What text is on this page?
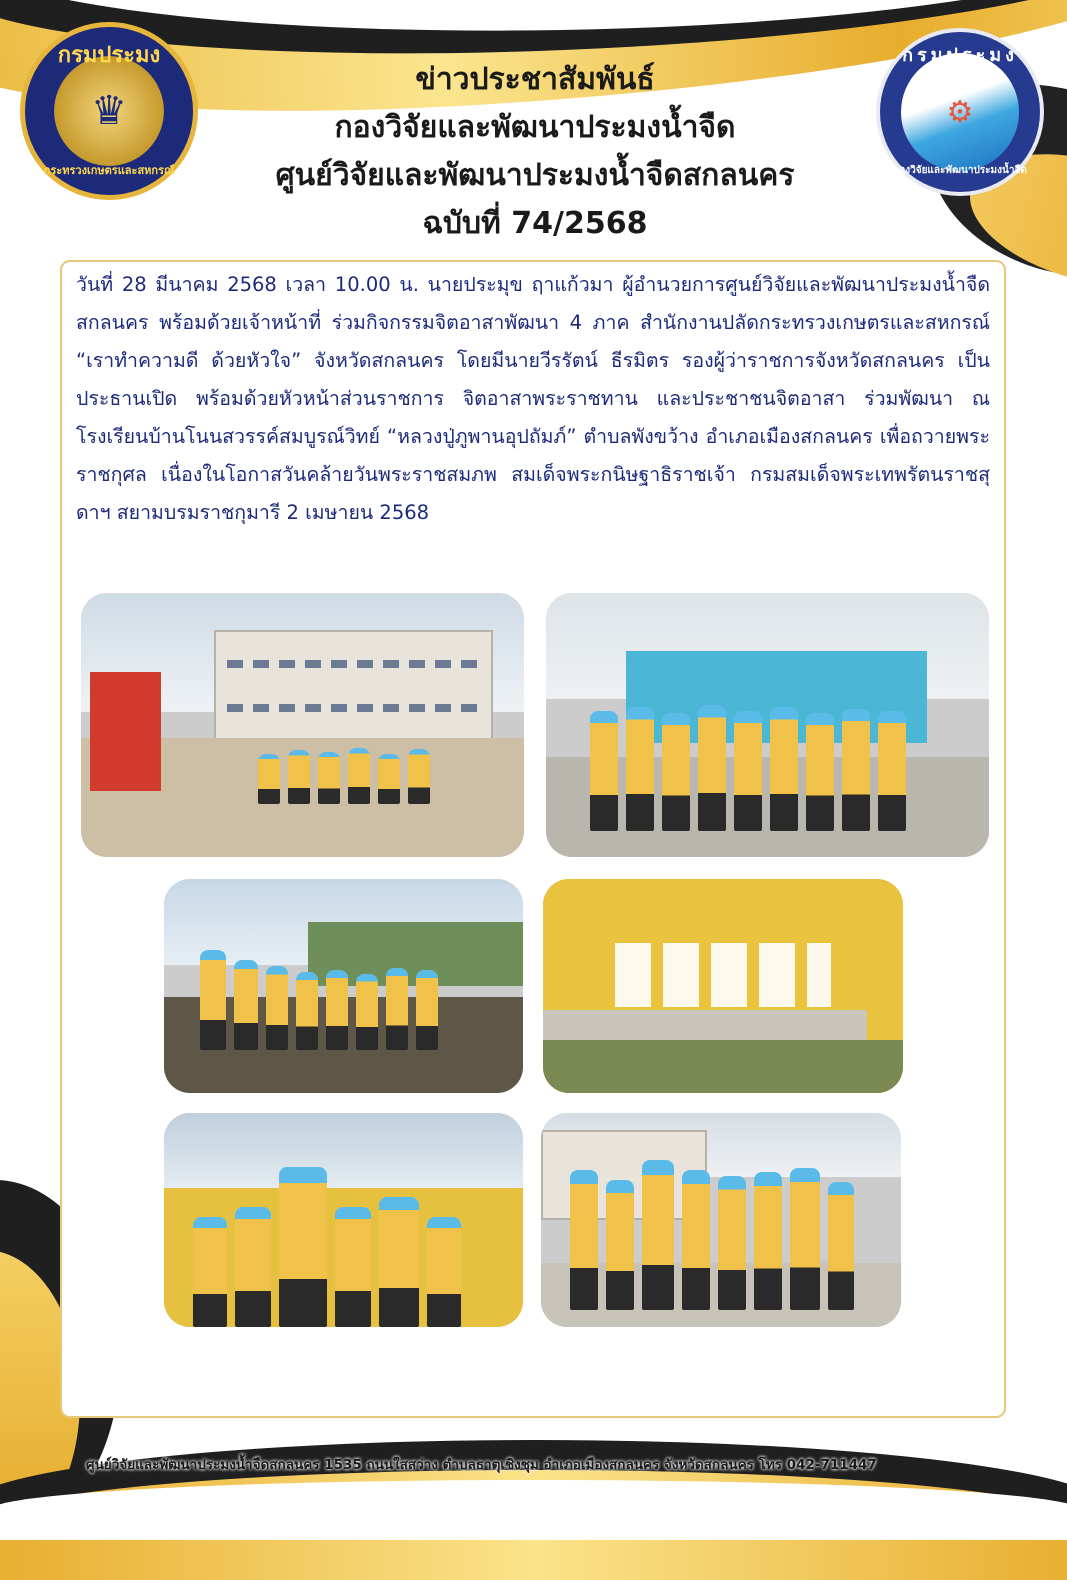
กรมประมง
♛
กระทรวงเกษตรและสหกรณ์
กรมประมง
⚙
กองวิจัยและพัฒนาประมงน้ำจืด
ข่าวประชาสัมพันธ์
กองวิจัยและพัฒนาประมงน้ำจืด
ศูนย์วิจัยและพัฒนาประมงน้ำจืดสกลนคร
ฉบับที่ 74/2568
วันที่ 28 มีนาคม 2568 เวลา 10.00 น. นายประมุข ฤาแก้วมา ผู้อำนวยการศูนย์วิจัยและพัฒนาประมงน้ำจืดสกลนคร พร้อมด้วยเจ้าหน้าที่ ร่วมกิจกรรมจิตอาสาพัฒนา 4 ภาค สำนักงานปลัดกระทรวงเกษตรและสหกรณ์ “เราทำความดี ด้วยหัวใจ” จังหวัดสกลนคร โดยมีนายวีรรัตน์ ธีรมิตร รองผู้ว่าราชการจังหวัดสกลนคร เป็นประธานเปิด พร้อมด้วยหัวหน้าส่วนราชการ จิตอาสาพระราชทาน และประชาชนจิตอาสา ร่วมพัฒนา ณ โรงเรียนบ้านโนนสวรรค์สมบูรณ์วิทย์ “หลวงปู่ภูพานอุปถัมภ์” ตำบลพังขว้าง อำเภอเมืองสกลนคร เพื่อถวายพระราชกุศล เนื่องในโอกาสวันคล้ายวันพระราชสมภพ สมเด็จพระกนิษฐาธิราชเจ้า กรมสมเด็จพระเทพรัตนราชสุดาฯ สยามบรมราชกุมารี 2 เมษายน 2568
ศูนย์วิจัยและพัฒนาประมงน้ำจืดสกลนคร 1535 ถนนใสสว่าง ตำบลธาตุเชิงชุม อำเภอเมืองสกลนคร จังหวัดสกลนคร โทร 042-711447
